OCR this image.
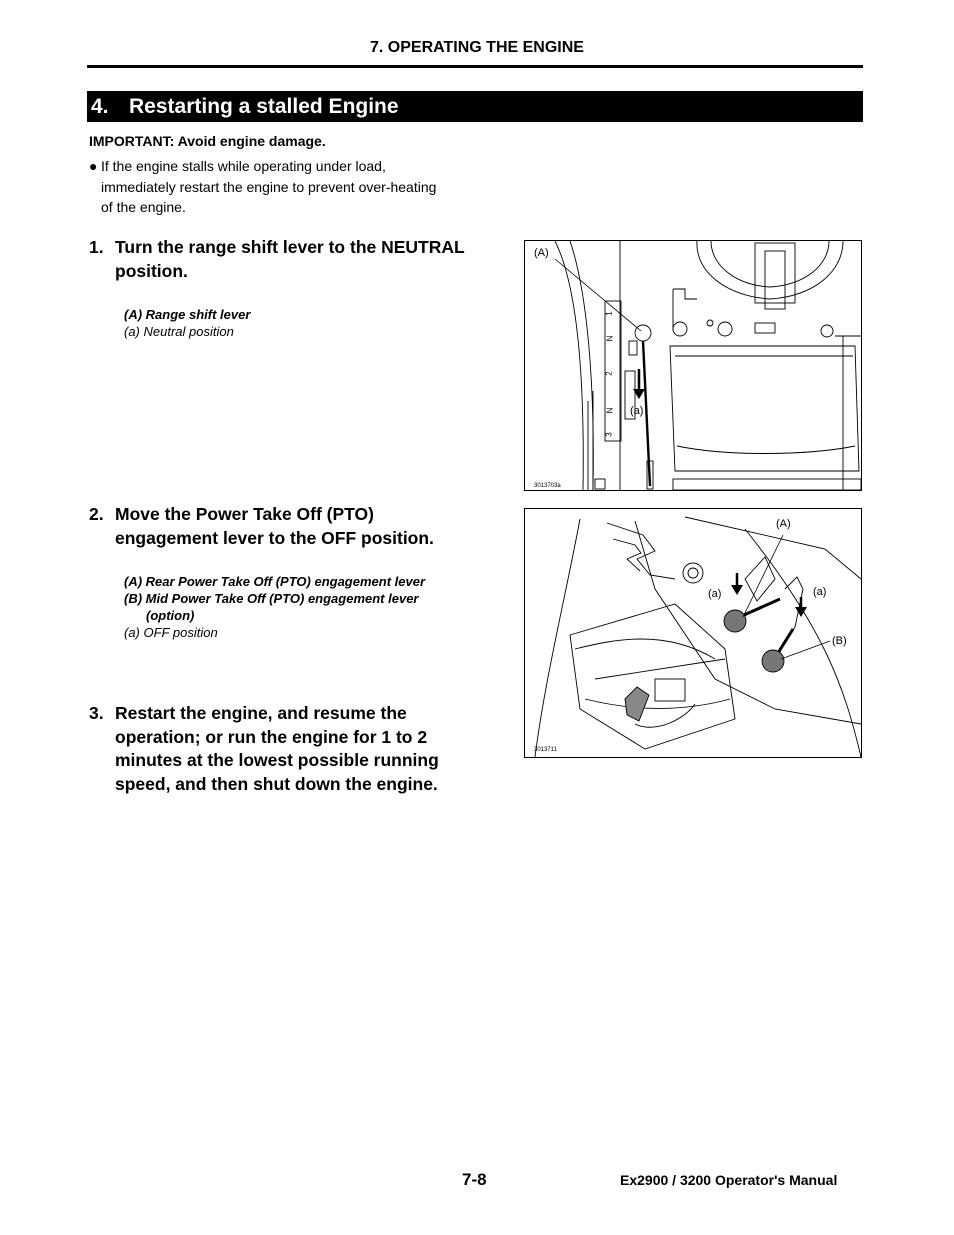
7. OPERATING THE ENGINE
4. Restarting a stalled Engine
IMPORTANT: Avoid engine damage.
● If the engine stalls while operating under load,
immediately restart the engine to prevent over-heating
of the engine.
1. Turn the range shift lever to the NEUTRAL
position.
(A) Range shift lever
(a) Neutral position
2. Move the Power Take Off (PTO)
engagement lever to the OFF position.
(A) Rear Power Take Off (PTO) engagement lever
(B) Mid Power Take Off (PTO) engagement lever
(option)
(a) OFF position
3. Restart the engine, and resume the
operation; or run the engine for 1 to 2
minutes at the lowest possible running
speed, and then shut down the engine.
(A)
(a)
1
N
2
N
3
3013703a
(A)
(a)	(a)
(B)
3013711
7-8	Ex2900 / 3200 Operator's Manual
